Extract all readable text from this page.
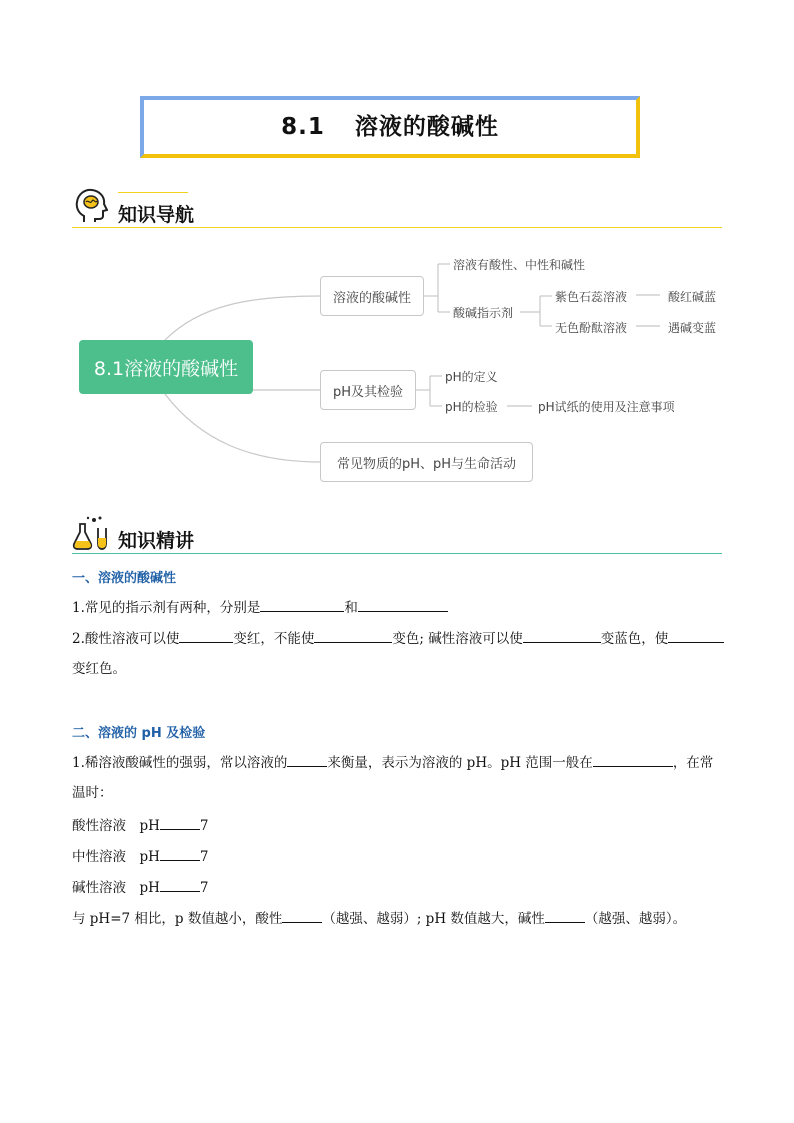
8.1 溶液的酸碱性
知识导航
8.1溶液的酸碱性
溶液的酸碱性
pH及其检验
常见物质的pH、pH与生命活动
溶液有酸性、中性和碱性
酸碱指示剂
紫色石蕊溶液	酸红碱蓝
无色酚酞溶液	遇碱变蓝
pH的定义
pH的检验	pH试纸的使用及注意事项
知识精讲
一、溶液的酸碱性
1.常见的指示剂有两种，分别是	和
2.酸性溶液可以使	变红，不能使	变色; 碱性溶液可以使	变蓝色，使
变红色。
二、溶液的 pH 及检验
1.稀溶液酸碱性的强弱，常以溶液的	来衡量，表示为溶液的 pH。pH 范围一般在	，在常
温时：
酸性溶液　pH	7
中性溶液　pH	7
碱性溶液　pH	7
与 pH=7 相比，p 数值越小，酸性	（越强、越弱）; pH 数值越大，碱性	（越强、越弱）。
